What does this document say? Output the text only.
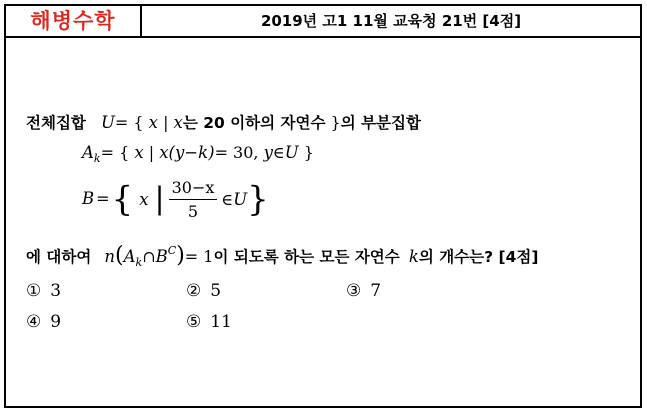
해병수학	2019년 고1 11월 교육청 21번 [4점]
전체집합 U= { x | x는 20 이하의 자연수 }의 부분집합
$A_k=$ { x | x(y−k)= 30, y∈U }
B ={ x | $\frac{30-x}{5}$ ∈U}
에 대하여 $n(A_k\cap B^C)= 1$이 되도록 하는 모든 자연수 k의 개수는? [4점]
① 3	② 5	③ 7
④ 9	⑤ 11
